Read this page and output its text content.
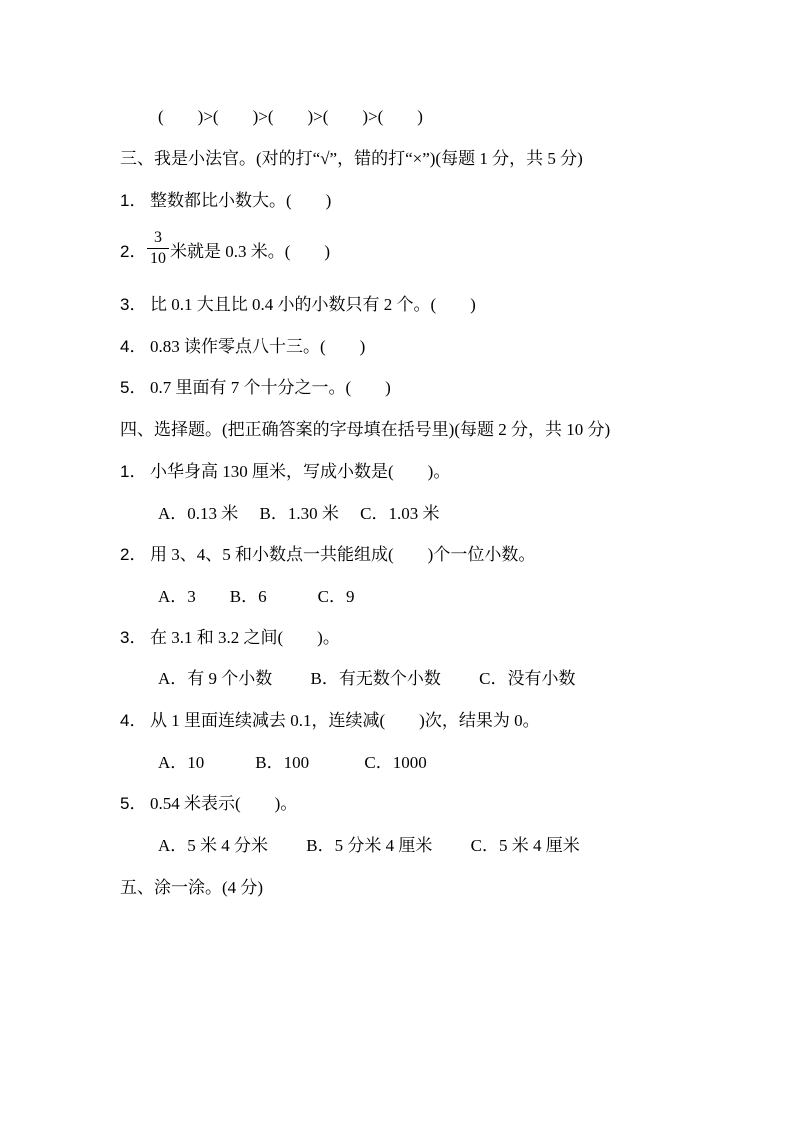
(        )>(        )>(        )>(        )>(        )
三、我是小法官。(对的打“√”，错的打“×”)(每题 1 分，共 5 分)
1． 整数都比小数大。(        )
2．
3
10 米就是 0.3 米。(        )
3． 比 0.1 大且比 0.4 小的小数只有 2 个。(        )
4． 0.83 读作零点八十三。(        )
5． 0.7 里面有 7 个十分之一。(        )
四、选择题。(把正确答案的字母填在括号里)(每题 2 分，共 10 分)
1． 小华身高 130 厘米，写成小数是(        )。
A．0.13 米　 B．1.30 米　 C．1.03 米
2． 用 3、4、5 和小数点一共能组成(        )个一位小数。
A．3　　B．6　　　C．9
3． 在 3.1 和 3.2 之间(        )。
A．有 9 个小数　　 B．有无数个小数　　 C．没有小数
4． 从 1 里面连续减去 0.1，连续减(        )次，结果为 0。
A．10　　　B．100　　　 C．1000
5． 0.54 米表示(        )。
A．5 米 4 分米　　 B．5 分米 4 厘米　　 C．5 米 4 厘米
五、涂一涂。(4 分)
